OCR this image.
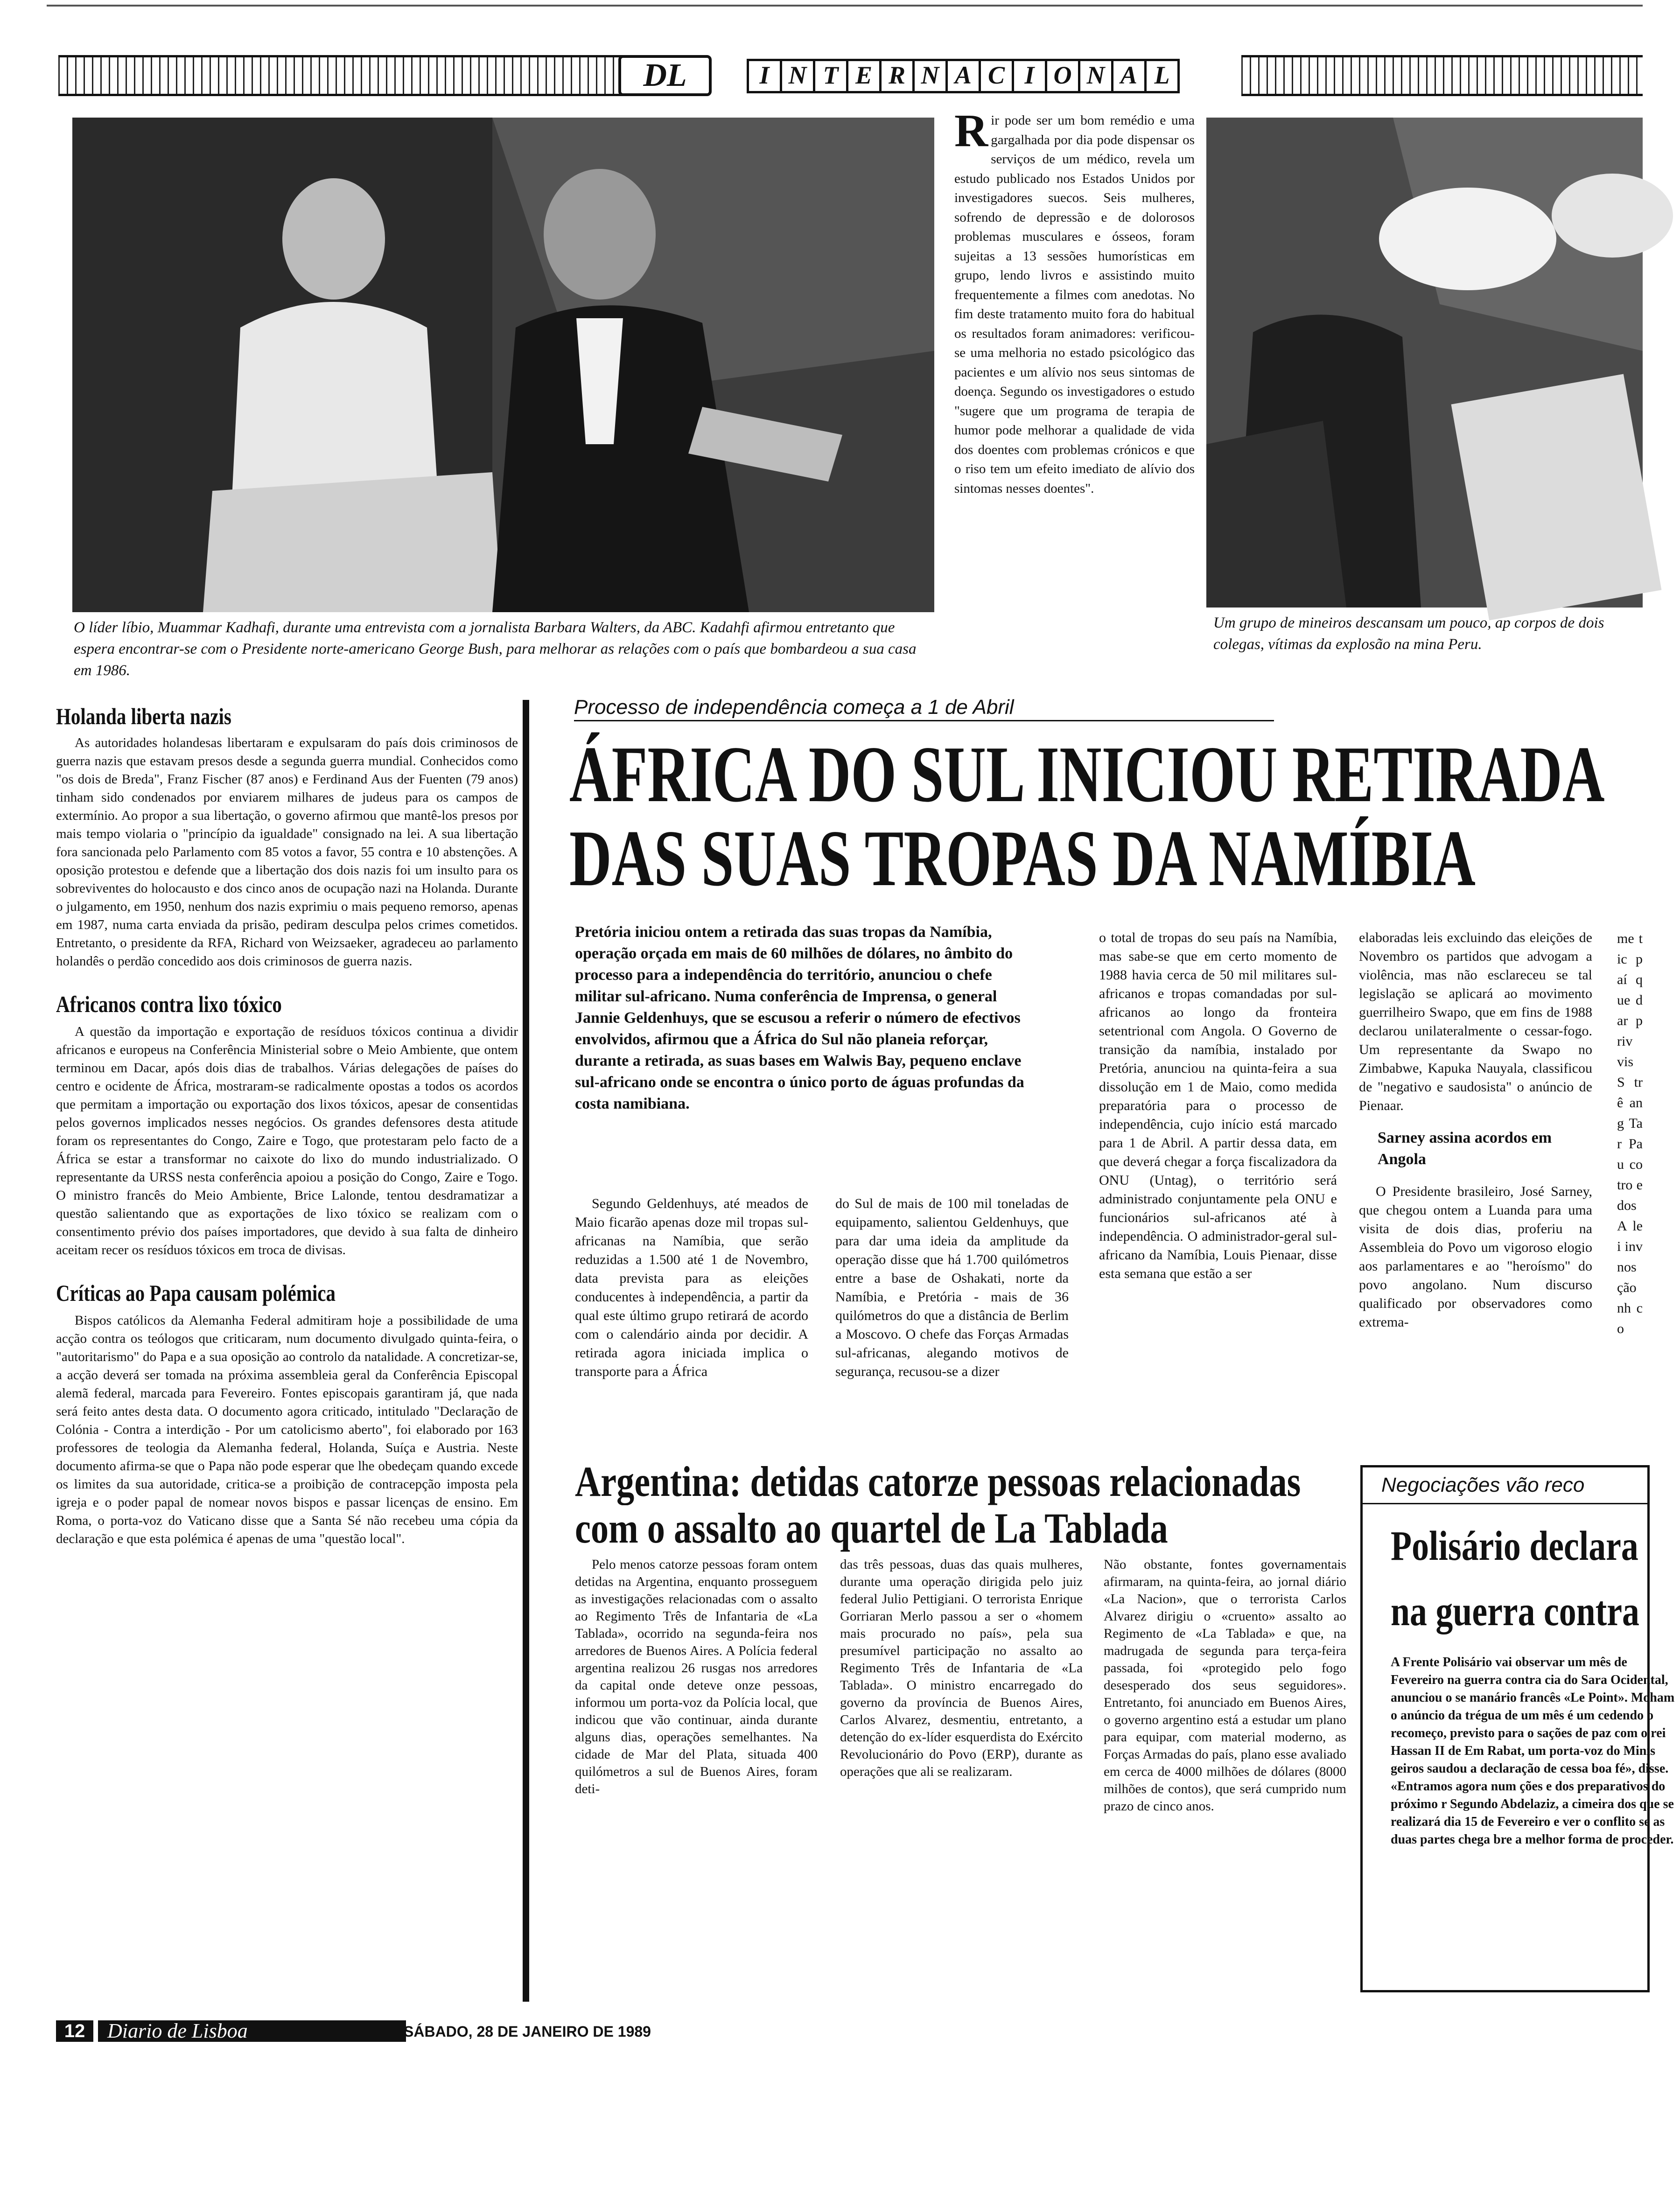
DL	I N T E R N A C I O N A L
O líder líbio, Muammar Kadhafi, durante uma entrevista com a jornalista Barbara Walters, da ABC. Kadahfi afirmou entretanto que espera encontrar-se com o Presidente norte-americano George Bush, para melhorar as relações com o país que bombardeou a sua casa em 1986.
Rir pode ser um bom remédio e uma gargalhada por dia pode dispensar os serviços de um médico, revela um estudo publicado nos Estados Unidos por investigadores suecos. Seis mulheres, sofrendo de depressão e de dolorosos problemas musculares e ósseos, foram sujeitas a 13 sessões humorísticas em grupo, lendo livros e assistindo muito frequentemente a filmes com anedotas. No fim deste tratamento muito fora do habitual os resultados foram animadores: verificou-se uma melhoria no estado psicológico das pacientes e um alívio nos seus sintomas de doença. Segundo os investigadores o estudo "sugere que um programa de terapia de humor pode melhorar a qualidade de vida dos doentes com problemas crónicos e que o riso tem um efeito imediato de alívio dos sintomas nesses doentes".
Um grupo de mineiros descansam um pouco, ap corpos de dois colegas, vítimas da explosão na mina Peru.
Holanda liberta nazis
As autoridades holandesas libertaram e expulsaram do país dois criminosos de guerra nazis que estavam presos desde a segunda guerra mundial. Conhecidos como "os dois de Breda", Franz Fischer (87 anos) e Ferdinand Aus der Fuenten (79 anos) tinham sido condenados por enviarem milhares de judeus para os campos de extermínio. Ao propor a sua libertação, o governo afirmou que mantê-los presos por mais tempo violaria o "princípio da igualdade" consignado na lei. A sua libertação fora sancionada pelo Parlamento com 85 votos a favor, 55 contra e 10 abstenções. A oposição protestou e defende que a libertação dos dois nazis foi um insulto para os sobreviventes do holocausto e dos cinco anos de ocupação nazi na Holanda. Durante o julgamento, em 1950, nenhum dos nazis exprimiu o mais pequeno remorso, apenas em 1987, numa carta enviada da prisão, pediram desculpa pelos crimes cometidos. Entretanto, o presidente da RFA, Richard von Weizsaeker, agradeceu ao parlamento holandês o perdão concedido aos dois criminosos de guerra nazis.
Africanos contra lixo tóxico
A questão da importação e exportação de resíduos tóxicos continua a dividir africanos e europeus na Conferência Ministerial sobre o Meio Ambiente, que ontem terminou em Dacar, após dois dias de trabalhos. Várias delegações de países do centro e ocidente de África, mostraram-se radicalmente opostas a todos os acordos que permitam a importação ou exportação dos lixos tóxicos, apesar de consentidas pelos governos implicados nesses negócios. Os grandes defensores desta atitude foram os representantes do Congo, Zaire e Togo, que protestaram pelo facto de a África se estar a transformar no caixote do lixo do mundo industrializado. O representante da URSS nesta conferência apoiou a posição do Congo, Zaire e Togo. O ministro francês do Meio Ambiente, Brice Lalonde, tentou desdramatizar a questão salientando que as exportações de lixo tóxico se realizam com o consentimento prévio dos países importadores, que devido à sua falta de dinheiro aceitam recer os resíduos tóxicos em troca de divisas.
Críticas ao Papa causam polémica
Bispos católicos da Alemanha Federal admitiram hoje a possibilidade de uma acção contra os teólogos que criticaram, num documento divulgado quinta-feira, o "autoritarismo" do Papa e a sua oposição ao controlo da natalidade. A concretizar-se, a acção deverá ser tomada na próxima assembleia geral da Conferência Episcopal alemã federal, marcada para Fevereiro. Fontes episcopais garantiram já, que nada será feito antes desta data. O documento agora criticado, intitulado "Declaração de Colónia - Contra a interdição - Por um catolicismo aberto", foi elaborado por 163 professores de teologia da Alemanha federal, Holanda, Suíça e Austria. Neste documento afirma-se que o Papa não pode esperar que lhe obedeçam quando excede os limites da sua autoridade, critica-se a proibição de contracepção imposta pela igreja e o poder papal de nomear novos bispos e passar licenças de ensino. Em Roma, o porta-voz do Vaticano disse que a Santa Sé não recebeu uma cópia da declaração e que esta polémica é apenas de uma "questão local".
Processo de independência começa a 1 de Abril
ÁFRICA DO SUL INICIOU RETIRADA
DAS SUAS TROPAS DA NAMÍBIA
Pretória iniciou ontem a retirada das suas tropas da Namíbia, operação orçada em mais de 60 milhões de dólares, no âmbito do processo para a independência do território, anunciou o chefe militar sul-africano. Numa conferência de Imprensa, o general Jannie Geldenhuys, que se escusou a referir o número de efectivos envolvidos, afirmou que a África do Sul não planeia reforçar, durante a retirada, as suas bases em Walwis Bay, pequeno enclave sul-africano onde se encontra o único porto de águas profundas da costa namibiana.
Segundo Geldenhuys, até meados de Maio ficarão apenas doze mil tropas sul-africanas na Namíbia, que serão reduzidas a 1.500 até 1 de Novembro, data prevista para as eleições conducentes à independência, a partir da qual este último grupo retirará de acordo com o calendário ainda por decidir. A retirada agora iniciada implica o transporte para a África
do Sul de mais de 100 mil toneladas de equipamento, salientou Geldenhuys, que para dar uma ideia da amplitude da operação disse que há 1.700 quilómetros entre a base de Oshakati, norte da Namíbia, e Pretória - mais de 36 quilómetros do que a distância de Berlim a Moscovo. O chefe das Forças Armadas sul-africanas, alegando motivos de segurança, recusou-se a dizer
o total de tropas do seu país na Namíbia, mas sabe-se que em certo momento de 1988 havia cerca de 50 mil militares sul-africanos e tropas comandadas por sul-africanos ao longo da fronteira setentrional com Angola. O Governo de transição da namíbia, instalado por Pretória, anunciou na quinta-feira a sua dissolução em 1 de Maio, como medida preparatória para o processo de independência, cujo início está marcado para 1 de Abril. A partir dessa data, em que deverá chegar a força fiscalizadora da ONU (Untag), o território será administrado conjuntamente pela ONU e funcionários sul-africanos até à independência. O administrador-geral sul-africano da Namíbia, Louis Pienaar, disse esta semana que estão a ser
elaboradas leis excluindo das eleições de Novembro os partidos que advogam a violência, mas não esclareceu se tal legislação se aplicará ao movimento guerrilheiro Swapo, que em fins de 1988 declarou unilateralmente o cessar-fogo. Um representante da Swapo no Zimbabwe, Kapuka Nauyala, classificou de "negativo e saudosista" o anúncio de Pienaar.
Sarney assina acordos em Angola
O Presidente brasileiro, José Sarney, que chegou ontem a Luanda para uma visita de dois dias, proferiu na Assembleia do Povo um vigoroso elogio aos parlamentares e ao "heroísmo" do povo angolano. Num discurso qualificado por observadores como extrema-
me tic paí que dar priv vis S trê ang Tar Pau co tro e dos A lei inv nos ção nh co
Argentina: detidas catorze pessoas relacionadas
com o assalto ao quartel de La Tablada
Pelo menos catorze pessoas foram ontem detidas na Argentina, enquanto prosseguem as investigações relacionadas com o assalto ao Regimento Três de Infantaria de «La Tablada», ocorrido na segunda-feira nos arredores de Buenos Aires. A Polícia federal argentina realizou 26 rusgas nos arredores da capital onde deteve onze pessoas, informou um porta-voz da Polícia local, que indicou que vão continuar, ainda durante alguns dias, operações semelhantes. Na cidade de Mar del Plata, situada 400 quilómetros a sul de Buenos Aires, foram deti-
das três pessoas, duas das quais mulheres, durante uma operação dirigida pelo juiz federal Julio Pettigiani. O terrorista Enrique Gorriaran Merlo passou a ser o «homem mais procurado no país», pela sua presumível participação no assalto ao Regimento Três de Infantaria de «La Tablada». O ministro encarregado do governo da província de Buenos Aires, Carlos Alvarez, desmentiu, entretanto, a detenção do ex-líder esquerdista do Exército Revolucionário do Povo (ERP), durante as operações que ali se realizaram.
Não obstante, fontes governamentais afirmaram, na quinta-feira, ao jornal diário «La Nacion», que o terrorista Carlos Alvarez dirigiu o «cruento» assalto ao Regimento de «La Tablada» e que, na madrugada de segunda para terça-feira passada, foi «protegido pelo fogo desesperado dos seus seguidores». Entretanto, foi anunciado em Buenos Aires, o governo argentino está a estudar um plano para equipar, com material moderno, as Forças Armadas do país, plano esse avaliado em cerca de 4000 milhões de dólares (8000 milhões de contos), que será cumprido num prazo de cinco anos.
Negociações vão reco
Polisário declara
na guerra contra
A Frente Polisário vai observar um mês de Fevereiro na guerra contra cia do Sara Ocidental, anunciou o se manário francês «Le Point». Moham o anúncio da trégua de um mês é um cedendo o recomeço, previsto para o sações de paz com o rei Hassan II de Em Rabat, um porta-voz do Minis geiros saudou a declaração de cessa boa fé», disse. «Entramos agora num ções e dos preparativos do próximo r Segundo Abdelaziz, a cimeira dos que se realizará dia 15 de Fevereiro e ver o conflito se as duas partes chega bre a melhor forma de proceder.
12	Diario de Lisboa	SÁBADO, 28 DE JANEIRO DE 1989
